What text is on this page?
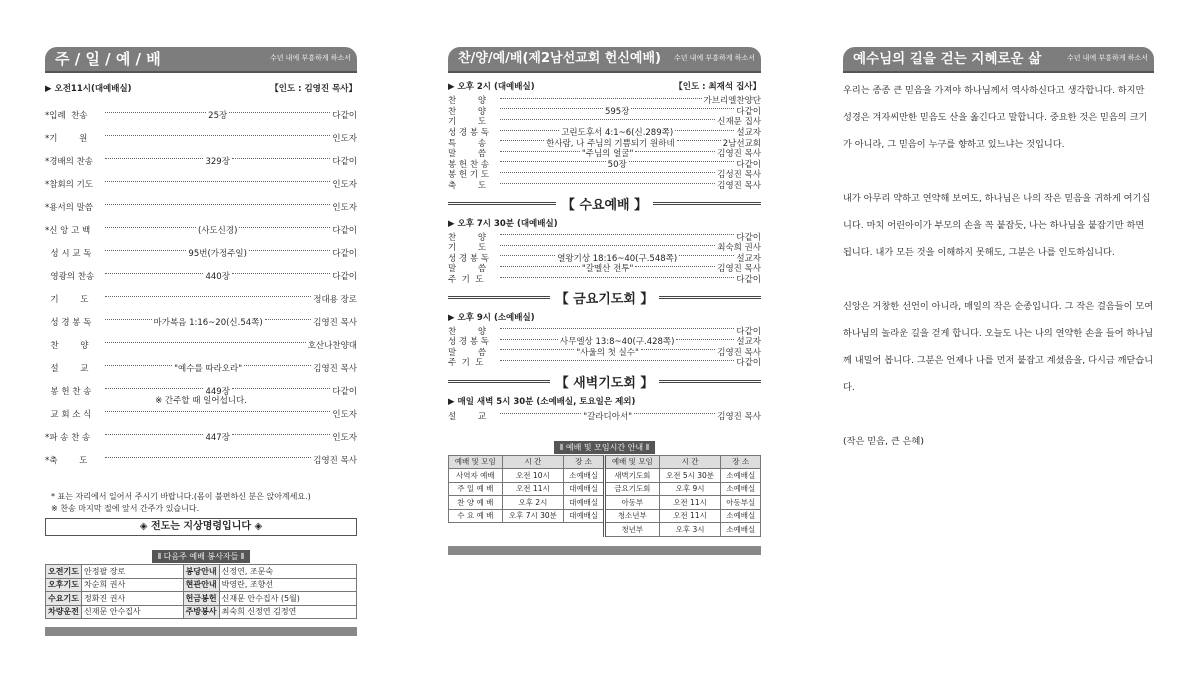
주 / 일 / 예 / 배	수년 내에 부흥하게 하소서
▶ 오전11시(대예배실)	【인도 : 김영진 목사】
*입례  찬송	25장	다같이
*기        원	인도자
*경배의 찬송	329장	다같이
*참회의 기도	인도자
*용서의 말씀	인도자
*신 앙 고 백	(사도신경)	다같이
성 시 교 독	95번(가정주일)	다같이
영광의 찬송	440장	다같이
기        도	정대용 장로
성 경 봉 독	마가복음 1:16~20(신.54쪽)	김영진 목사
찬        양	호산나찬양대
설        교	"예수를 따라오라"	김영진 목사
봉 헌 찬 송	449장	다같이
※ 간주할 때 일어섭니다.
교 회 소 식	인도자
*파 송 찬 송	447장	인도자
*축        도	김영진 목사
* 표는 자리에서 일어서 주시기 바랍니다.(몸이 불편하신 분은 앉아계세요.)
※ 찬송 마지막 절에 앞서 간주가 있습니다.
◈ 전도는 지상명령입니다 ◈
⫴ 다음주 예배 봉사자들 ⫴
오전기도	안정팔 장로	봉당안내	신정연, 조문숙
오후기도	차순희 권사	현관안내	박영란, 조향선
수요기도	정화진 권사	헌금봉헌	신재문 안수집사 (5월)
차량운전	신재문 안수집사	주방봉사	최숙희 신정연 김정연
찬/양/예/배(제2남선교회 헌신예배) 수년 내에 부흥하게 하소서
▶ 오후 2시 (대예배실)	【인도 : 최재석 집사】
찬        양	가브리엘찬양단
찬        양	595장	다같이
기        도	신재문 집사
성 경 봉 독	고린도후서 4:1~6(신.289쪽)	설교자
특        송	한사람, 나 주님의 기쁨되기 원하네	2남선교회
말        씀	"주님의 얼굴"	김영진 목사
봉 헌 찬 송	50장	다같이
봉 헌 기 도	김성진 목사
축        도	김영진 목사
【 수요예배 】
▶ 오후 7시 30분 (대예배실)
찬        양	다같이
기        도	최숙희 권사
성 경 봉 독	열왕기상 18:16~40(구.548쪽)	설교자
말        씀	"갈멜산 전투"	김영진 목사
주  기  도	다같이
【 금요기도회 】
▶ 오후 9시 (소예배실)
찬        양	다같이
성 경 봉 독	사무엘상 13:8~40(구.428쪽)	설교자
말        씀	"사울의 첫 실수"	김영진 목사
주  기  도	다같이
【 새벽기도회 】
▶ 매일 새벽 5시 30분 (소예배실, 토요일은 제외)
설        교	"갈라디아서"	김영진 목사
⫴ 예배 및 모임시간 안내 ⫴
예배 및 모임	시 간	장 소	예배 및 모임	시 간	장 소
사역자 예배	오전 10시	소예배실	새벽기도회	오전 5시 30분	소예배실
주 일 예 배	오전 11시	대예배실	금요기도회	오후 9시	소예배실
찬 양 예 배	오후 2시	대예배실	아동부	오전 11시	아동부실
수 요 예 배	오후 7시 30분	대예배실	청소년부	오전 11시	소예배실
			청년부	오후 3시	소예배실
예수님의 길을 걷는 지혜로운 삶	수년 내에 부흥하게 하소서

우리는 종종 큰 믿음을 가져야 하나님께서 역사하신다고 생각합니다. 하지만 성경은 겨자씨만한 믿음도 산을 옮긴다고 말합니다. 중요한 것은 믿음의 크기가 아니라, 그 믿음이 누구를 향하고 있느냐는 것입니다.

내가 아무리 약하고 연약해 보여도, 하나님은 나의 작은 믿음을 귀하게 여기십니다. 마치 어린아이가 부모의 손을 꼭 붙잡듯, 나는 하나님을 붙잡기만 하면 됩니다. 내가 모든 것을 이해하지 못해도, 그분은 나를 인도하십니다.

신앙은 거창한 선언이 아니라, 매일의 작은 순종입니다. 그 작은 걸음들이 모여 하나님의 놀라운 길을 걷게 합니다. 오늘도 나는 나의 연약한 손을 들어 하나님께 내밀어 봅니다. 그분은 언제나 나를 먼저 붙잡고 계셨음을, 다시금 깨닫습니다.

(작은 믿음, 큰 은혜)
